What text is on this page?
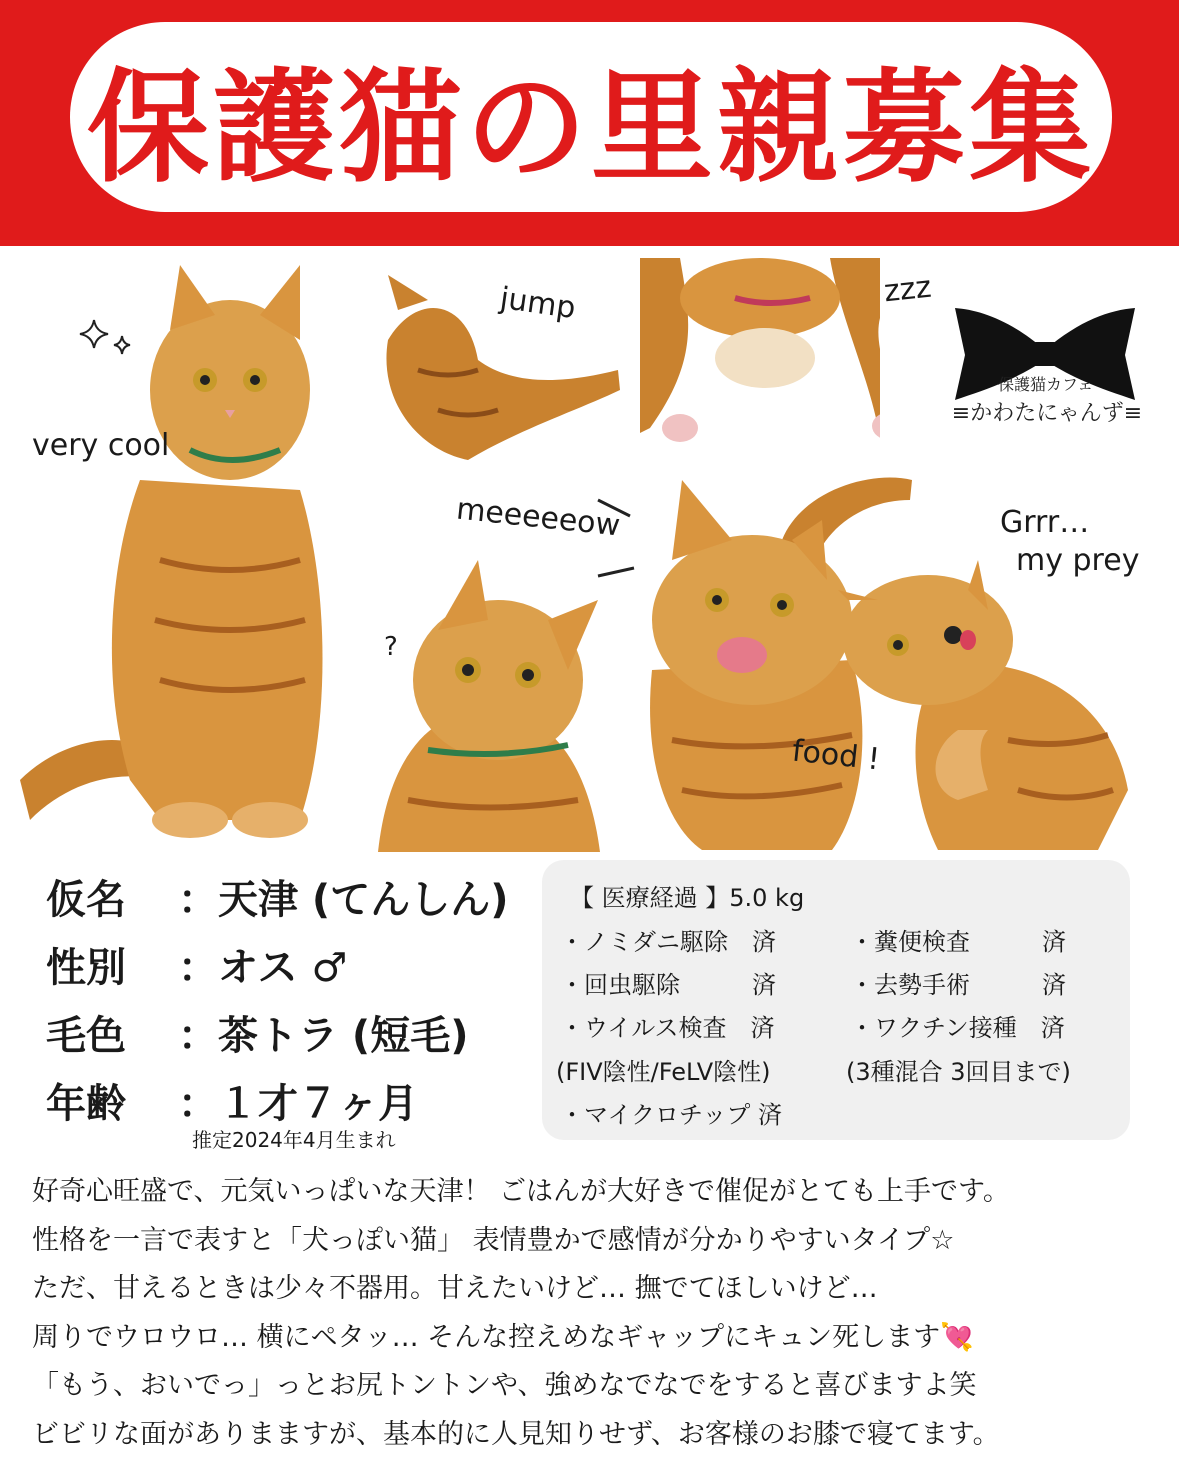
保護猫の里親募集
very cool
jump	zzz
meeeeeow
?
food !
Grrr…
my prey
保護猫カフェ
≡かわたにゃんず≡
仮名	： 天津 (てんしん)
性別	： オス ♂
毛色	： 茶トラ (短毛)
年齢	： １才７ヶ月
推定2024年4月生まれ
【 医療経過 】5.0 kg
・ノミダニ駆除　済	・糞便検査　　　済
・回虫駆除　　　済	・去勢手術　　　済
・ウイルス検査　済	・ワクチン接種　済
(FIV陰性/FeLV陰性)	(3種混合 3回目まで)
・マイクロチップ 済
好奇心旺盛で、元気いっぱいな天津！ ごはんが大好きで催促がとても上手です。
性格を一言で表すと「犬っぽい猫」 表情豊かで感情が分かりやすいタイプ☆
ただ、甘えるときは少々不器用。甘えたいけど… 撫でてほしいけど…
周りでウロウロ… 横にペタッ… そんな控えめなギャップにキュン死します💘
「もう、おいでっ」っとお尻トントンや、強めなでなでをすると喜びますよ笑
ビビリな面がありまますが、基本的に人見知りせず、お客様のお膝で寝てます。
